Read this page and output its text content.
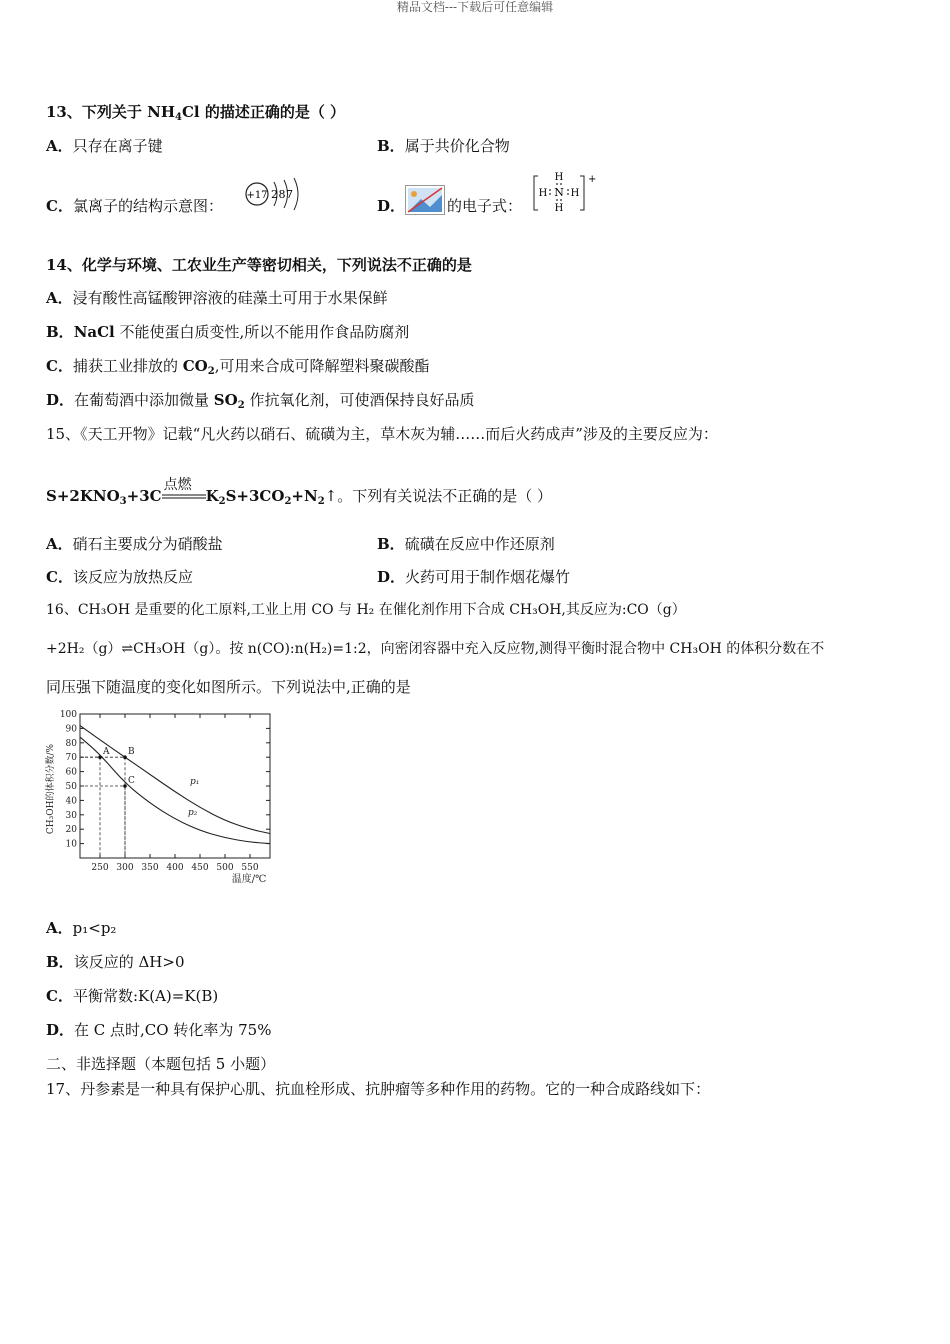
精品文档---下载后可任意编辑
13、下列关于 $NH_4Cl$ 的描述正确的是（ ）
A．只存在离子键	B．属于共价化合物
C．氯离子的结构示意图：
+17 2 8 7
D．	的电子式：
H
N
H H
H
+
14、化学与环境、工农业生产等密切相关，下列说法不正确的是
A．浸有酸性高锰酸钾溶液的硅藻土可用于水果保鲜
B．NaCl 不能使蛋白质变性,所以不能用作食品防腐剂
C．捕获工业排放的 $CO_2$,可用来合成可降解塑料聚碳酸酯
D．在葡萄酒中添加微量 $SO_2$ 作抗氧化剂，可使酒保持良好品质
15、《天工开物》记载“凡火药以硝石、硫磺为主，草木灰为辅……而后火药成声”涉及的主要反应为：
$S+2KNO_3+3C$
点燃
$K_2S+3CO_2+N_2↑$。下列有关说法不正确的是（ ）
A．硝石主要成分为硝酸盐	B．硫磺在反应中作还原剂
C．该反应为放热反应	D．火药可用于制作烟花爆竹
16、CH₃OH 是重要的化工原料,工业上用 CO 与 H₂ 在催化剂作用下合成 CH₃OH,其反应为:CO（g）
+2H₂（g）⇌CH₃OH（g）。按 n(CO):n(H₂)=1:2，向密闭容器中充入反应物,测得平衡时混合物中 CH₃OH 的体积分数在不
同压强下随温度的变化如图所示。下列说法中,正确的是
10
20
30
40
50
60
70
80
90
100
250 300 350 400 450 500 550
p₁
p₂
A B
C
CH₃OH的体积分数/%
温度/℃
A．p₁<p₂
B．该反应的 ΔH>0
C．平衡常数:K(A)=K(B)
D．在 C 点时,CO 转化率为 75%
二、非选择题（本题包括 5 小题）
17、丹参素是一种具有保护心肌、抗血栓形成、抗肿瘤等多种作用的药物。它的一种合成路线如下：
